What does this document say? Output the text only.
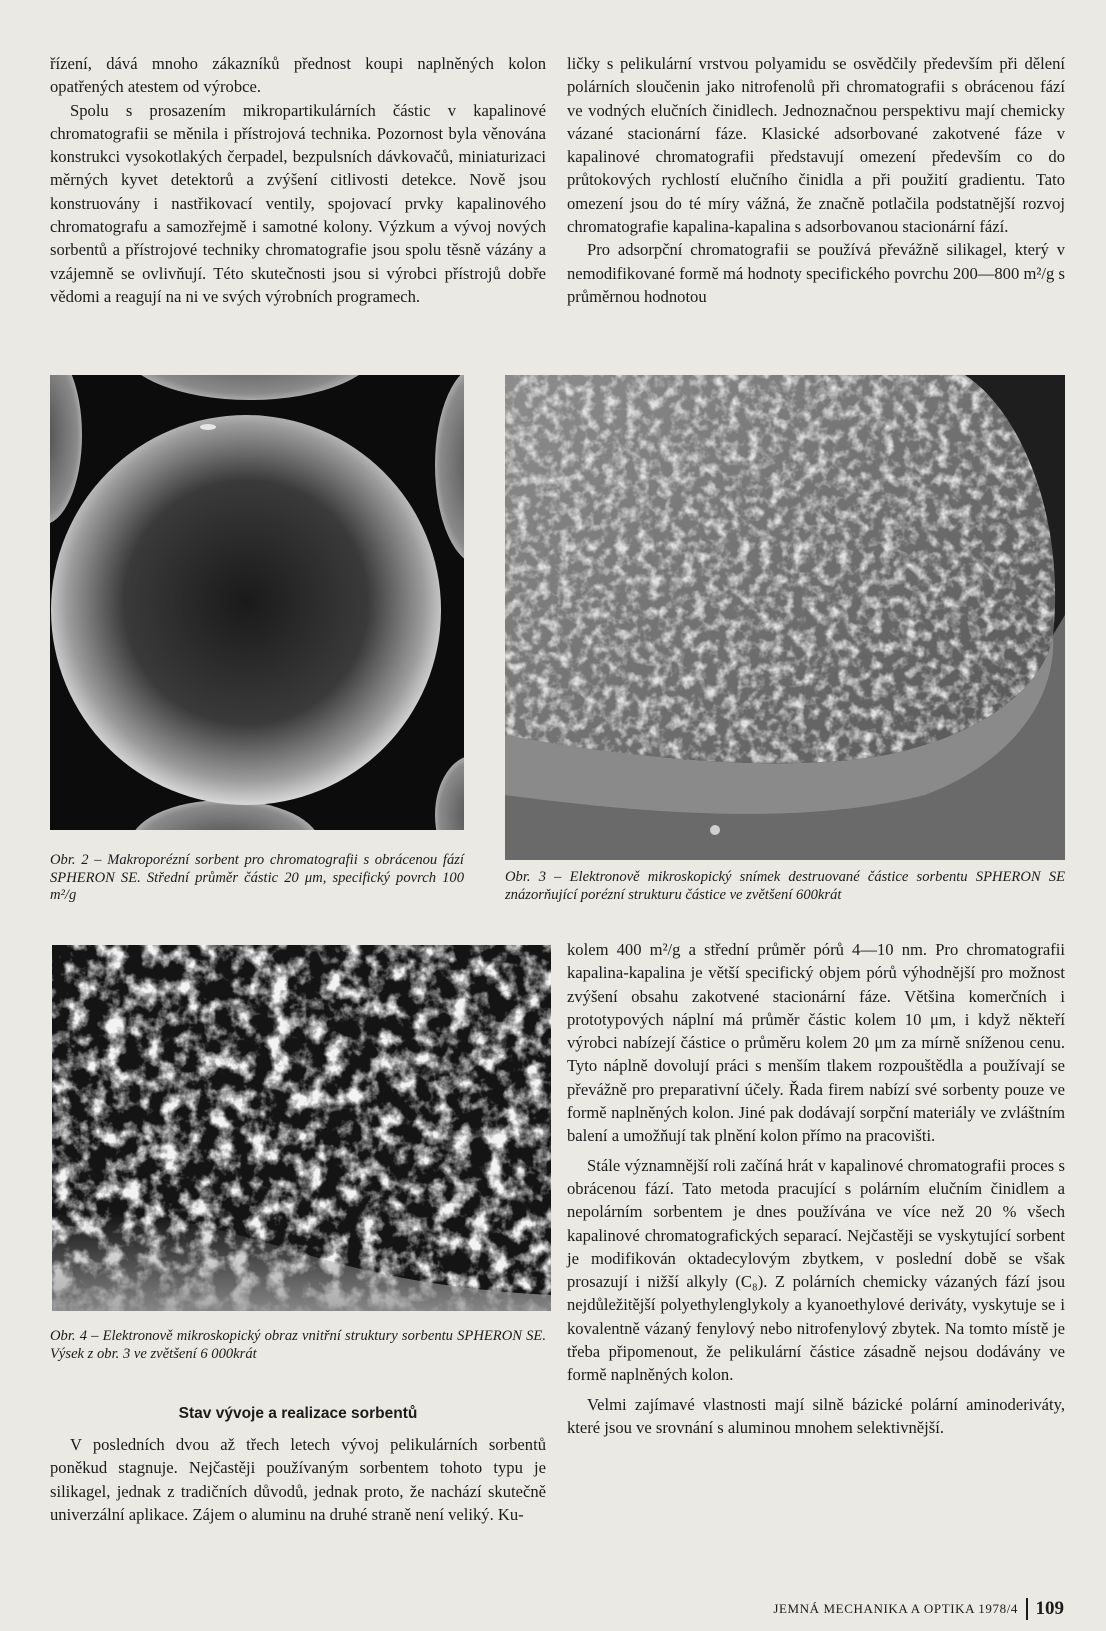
řízení, dává mnoho zákazníků přednost koupi naplněných kolon opatřených atestem od výrobce.

Spolu s prosazením mikropartikulárních částic v kapalinové chromatografii se měnila i přístrojová technika. Pozornost byla věnována konstrukci vysokotlakých čerpadel, bezpulsních dávkovačů, miniaturizaci měrných kyvet detektorů a zvýšení citlivosti detekce. Nově jsou konstruovány i nastřikovací ventily, spojovací prvky kapalinového chromatografu a samozřejmě i samotné kolony. Výzkum a vývoj nových sorbentů a přístrojové techniky chromatografie jsou spolu těsně vázány a vzájemně se ovlivňují. Této skutečnosti jsou si výrobci přístrojů dobře vědomi a reagují na ni ve svých výrobních programech.

ličky s pelikulární vrstvou polyamidu se osvědčily především při dělení polárních sloučenin jako nitrofenolů při chromatografii s obrácenou fází ve vodných elučních činidlech. Jednoznačnou perspektivu mají chemicky vázané stacionární fáze. Klasické adsorbované zakotvené fáze v kapalinové chromatografii představují omezení především co do průtokových rychlostí elučního činidla a při použití gradientu. Tato omezení jsou do té míry vážná, že značně potlačila podstatnější rozvoj chromatografie kapalina-kapalina s adsorbovanou stacionární fází.

Pro adsorpční chromatografii se používá převážně silikagel, který v nemodifikované formě má hodnoty specifického povrchu 200—800 m²/g s průměrnou hodnotou

Obr. 2 – Makroporézní sorbent pro chromatografii s obrácenou fází SPHERON SE. Střední průměr částic 20 μm, specifický povrch 100 m²/g
Obr. 3 – Elektronově mikroskopický snímek destruované částice sorbentu SPHERON SE znázorňující porézní strukturu částice ve zvětšení 600krát
Obr. 4 – Elektronově mikroskopický obraz vnitřní struktury sorbentu SPHERON SE. Výsek z obr. 3 ve zvětšení 6 000krát

kolem 400 m²/g a střední průměr pórů 4—10 nm. Pro chromatografii kapalina-kapalina je větší specifický objem pórů výhodnější pro možnost zvýšení obsahu zakotvené stacionární fáze. Většina komerčních i prototypových náplní má průměr částic kolem 10 μm, i když někteří výrobci nabízejí částice o průměru kolem 20 μm za mírně sníženou cenu. Tyto náplně dovolují práci s menším tlakem rozpouštědla a používají se převážně pro preparativní účely. Řada firem nabízí své sorbenty pouze ve formě naplněných kolon. Jiné pak dodávají sorpční materiály ve zvláštním balení a umožňují tak plnění kolon přímo na pracovišti.

Stále významnější roli začíná hrát v kapalinové chromatografii proces s obrácenou fází. Tato metoda pracující s polárním elučním činidlem a nepolárním sorbentem je dnes používána ve více než 20 % všech kapalinové chromatografických separací. Nejčastěji se vyskytující sorbent je modifikován oktadecylovým zbytkem, v poslední době se však prosazují i nižší alkyly (C₈). Z polárních chemicky vázaných fází jsou nejdůležitější polyethylenglykoly a kyanoethylové deriváty, vyskytuje se i kovalentně vázaný fenylový nebo nitrofenylový zbytek. Na tomto místě je třeba připomenout, že pelikulární částice zásadně nejsou dodávány ve formě naplněných kolon.

Velmi zajímavé vlastnosti mají silně bázické polární aminoderiváty, které jsou ve srovnání s aluminou mnohem selektivnější.

Stav vývoje a realizace sorbentů

V posledních dvou až třech letech vývoj pelikulárních sorbentů poněkud stagnuje. Nejčastěji používaným sorbentem tohoto typu je silikagel, jednak z tradičních důvodů, jednak proto, že nachází skutečně univerzální aplikace. Zájem o aluminu na druhé straně není veliký. Ku-

JEMNÁ MECHANIKA A OPTIKA 1978/4 109
